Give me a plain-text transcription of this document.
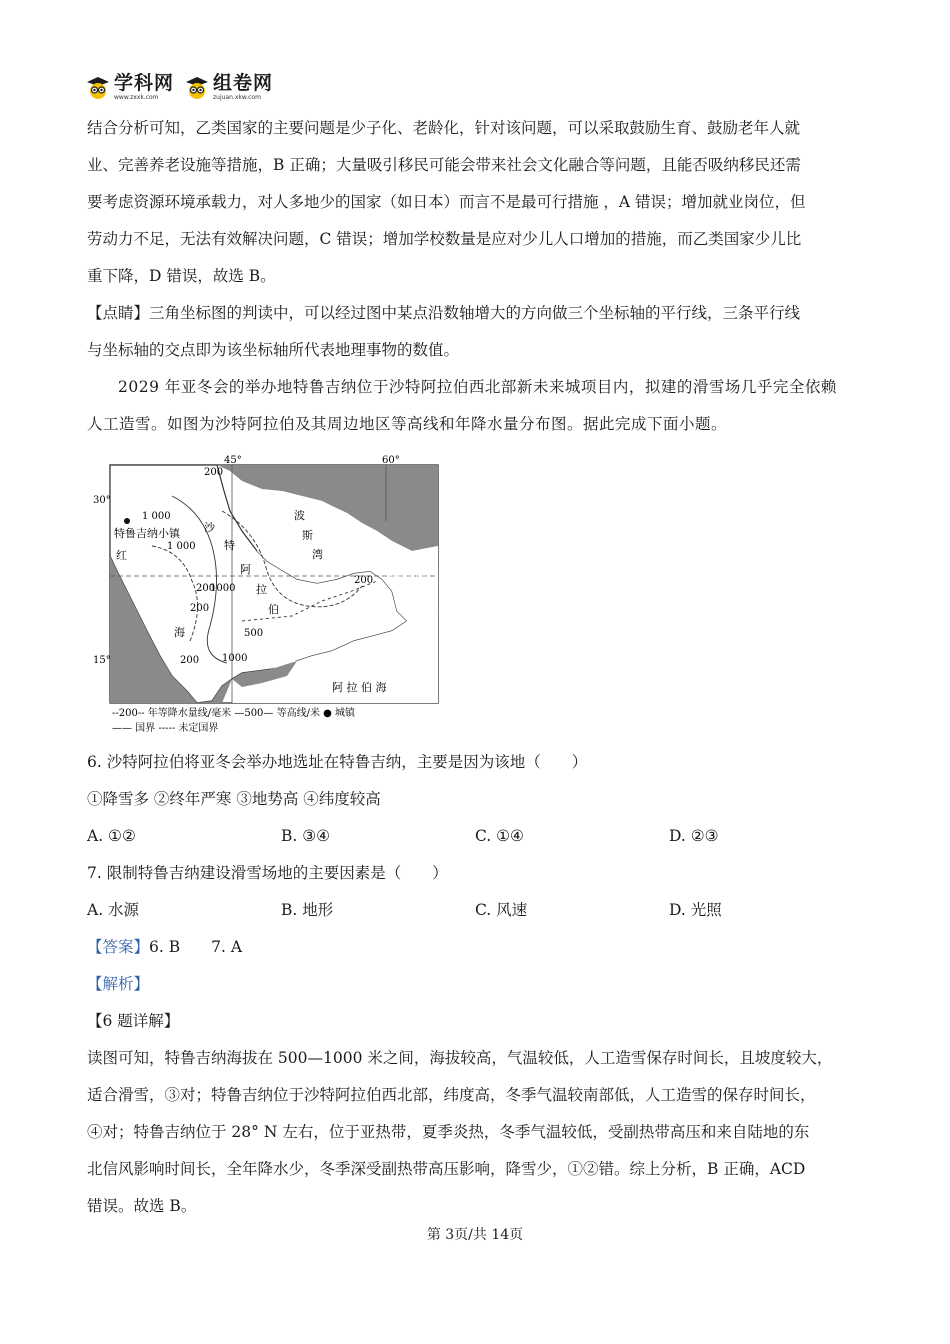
学科网
www.zxxk.com
组卷网
zujuan.xkw.com
结合分析可知，乙类国家的主要问题是少子化、老龄化，针对该问题，可以采取鼓励生育、鼓励老年人就
业、完善养老设施等措施，B 正确；大量吸引移民可能会带来社会文化融合等问题，且能否吸纳移民还需
要考虑资源环境承载力，对人多地少的国家（如日本）而言不是最可行措施 ，A 错误；增加就业岗位，但
劳动力不足，无法有效解决问题，C 错误；增加学校数量是应对少儿人口增加的措施，而乙类国家少儿比
重下降，D 错误，故选 B。
【点睛】三角坐标图的判读中，可以经过图中某点沿数轴增大的方向做三个坐标轴的平行线，三条平行线
与坐标轴的交点即为该坐标轴所代表地理事物的数值。
2029 年亚冬会的举办地特鲁吉纳位于沙特阿拉伯西北部新未来城项目内，拟建的滑雪场几乎完全依赖
人工造雪。如图为沙特阿拉伯及其周边地区等高线和年降水量分布图。据此完成下面小题。
45°	60°
30°
15°
特鲁吉纳小镇
北回归线
红
海
波
斯
湾
沙
特
阿
拉
伯
阿 拉 伯 海
200
200
200
200
200
1 000
1 000
1000
1000
500
--200-- 年等降水量线/毫米 —500— 等高线/米 ● 城镇
—— 国界 ----- 未定国界
6. 沙特阿拉伯将亚冬会举办地选址在特鲁吉纳，主要是因为该地（　　）
①降雪多 ②终年严寒 ③地势高 ④纬度较高
A. ①②	B. ③④	C. ①④	D. ②③
7. 限制特鲁吉纳建设滑雪场地的主要因素是（　　）
A. 水源	B. 地形	C. 风速	D. 光照
【答案】6. B　　7. A
【解析】
【6 题详解】
读图可知，特鲁吉纳海拔在 500—1000 米之间，海拔较高，气温较低，人工造雪保存时间长，且坡度较大，
适合滑雪，③对；特鲁吉纳位于沙特阿拉伯西北部，纬度高，冬季气温较南部低，人工造雪的保存时间长，
④对；特鲁吉纳位于 28° N 左右，位于亚热带，夏季炎热，冬季气温较低，受副热带高压和来自陆地的东
北信风影响时间长，全年降水少，冬季深受副热带高压影响，降雪少，①②错。综上分析，B 正确，ACD
错误。故选 B。
第 3页/共 14页
